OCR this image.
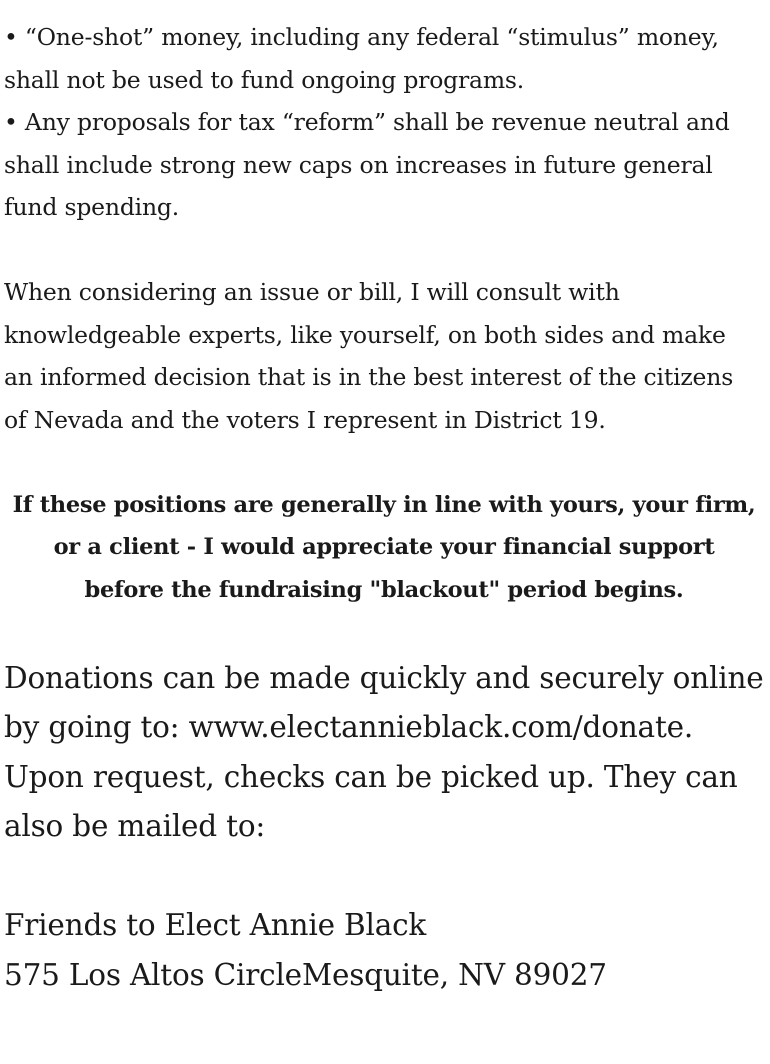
• “One-shot” money, including any federal “stimulus” money,
shall not be used to fund ongoing programs.

• Any proposals for tax “reform” shall be revenue neutral and
shall include strong new caps on increases in future general
fund spending.

When considering an issue or bill, I will consult with
knowledgeable experts, like yourself, on both sides and make
an informed decision that is in the best interest of the citizens
of Nevada and the voters I represent in District 19.

If these positions are generally in line with yours, your firm,
or a client - I would appreciate your financial support
before the fundraising "blackout" period begins.

Donations can be made quickly and securely online
by going to: www.electannieblack.com/donate.
Upon request, checks can be picked up. They can
also be mailed to:

Friends to Elect Annie Black
575 Los Altos CircleMesquite, NV 89027
